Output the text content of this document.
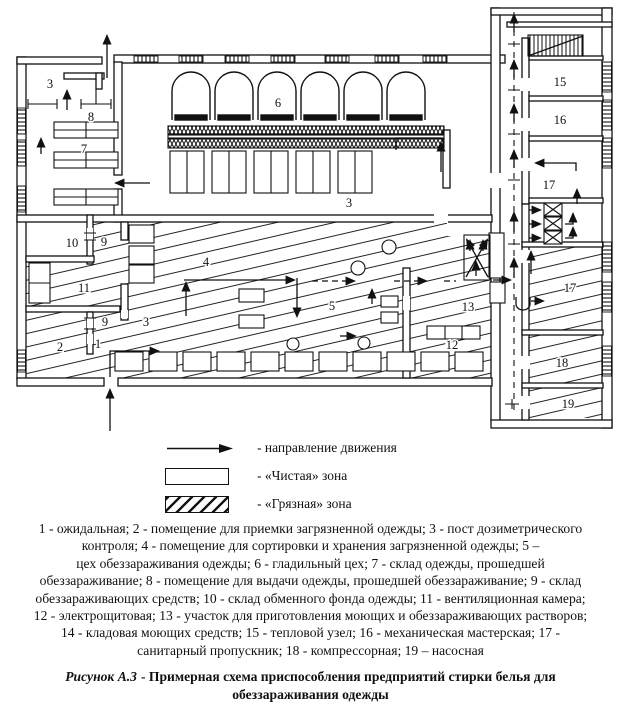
3
8
7
6
3
15
16
17
10 9
4
11
9	3
2	1
5	13
12
17
18
19
- направление движения
- «Чистая» зона
- «Грязная» зона
1 - ожидальная; 2 - помещение для приемки загрязненной одежды; 3 - пост дозиметрического
контроля; 4 - помещение для сортировки и хранения загрязненной одежды; 5 –
цех обеззараживания одежды; 6 - гладильный цех; 7 - склад одежды, прошедшей
обеззараживание; 8 - помещение для выдачи одежды, прошедшей обеззараживание; 9 - склад
обеззараживающих средств; 10 - склад обменного фонда одежды; 11 - вентиляционная камера;
12 - электрощитовая; 13 - участок для приготовления моющих и обеззараживающих растворов;
14 - кладовая моющих средств; 15 - тепловой узел; 16 - механическая мастерская; 17 -
санитарный пропускник; 18 - компрессорная; 19 – насосная
Рисунок А.3 - Примерная схема приспособления предприятий стирки белья для обеззараживания одежды
